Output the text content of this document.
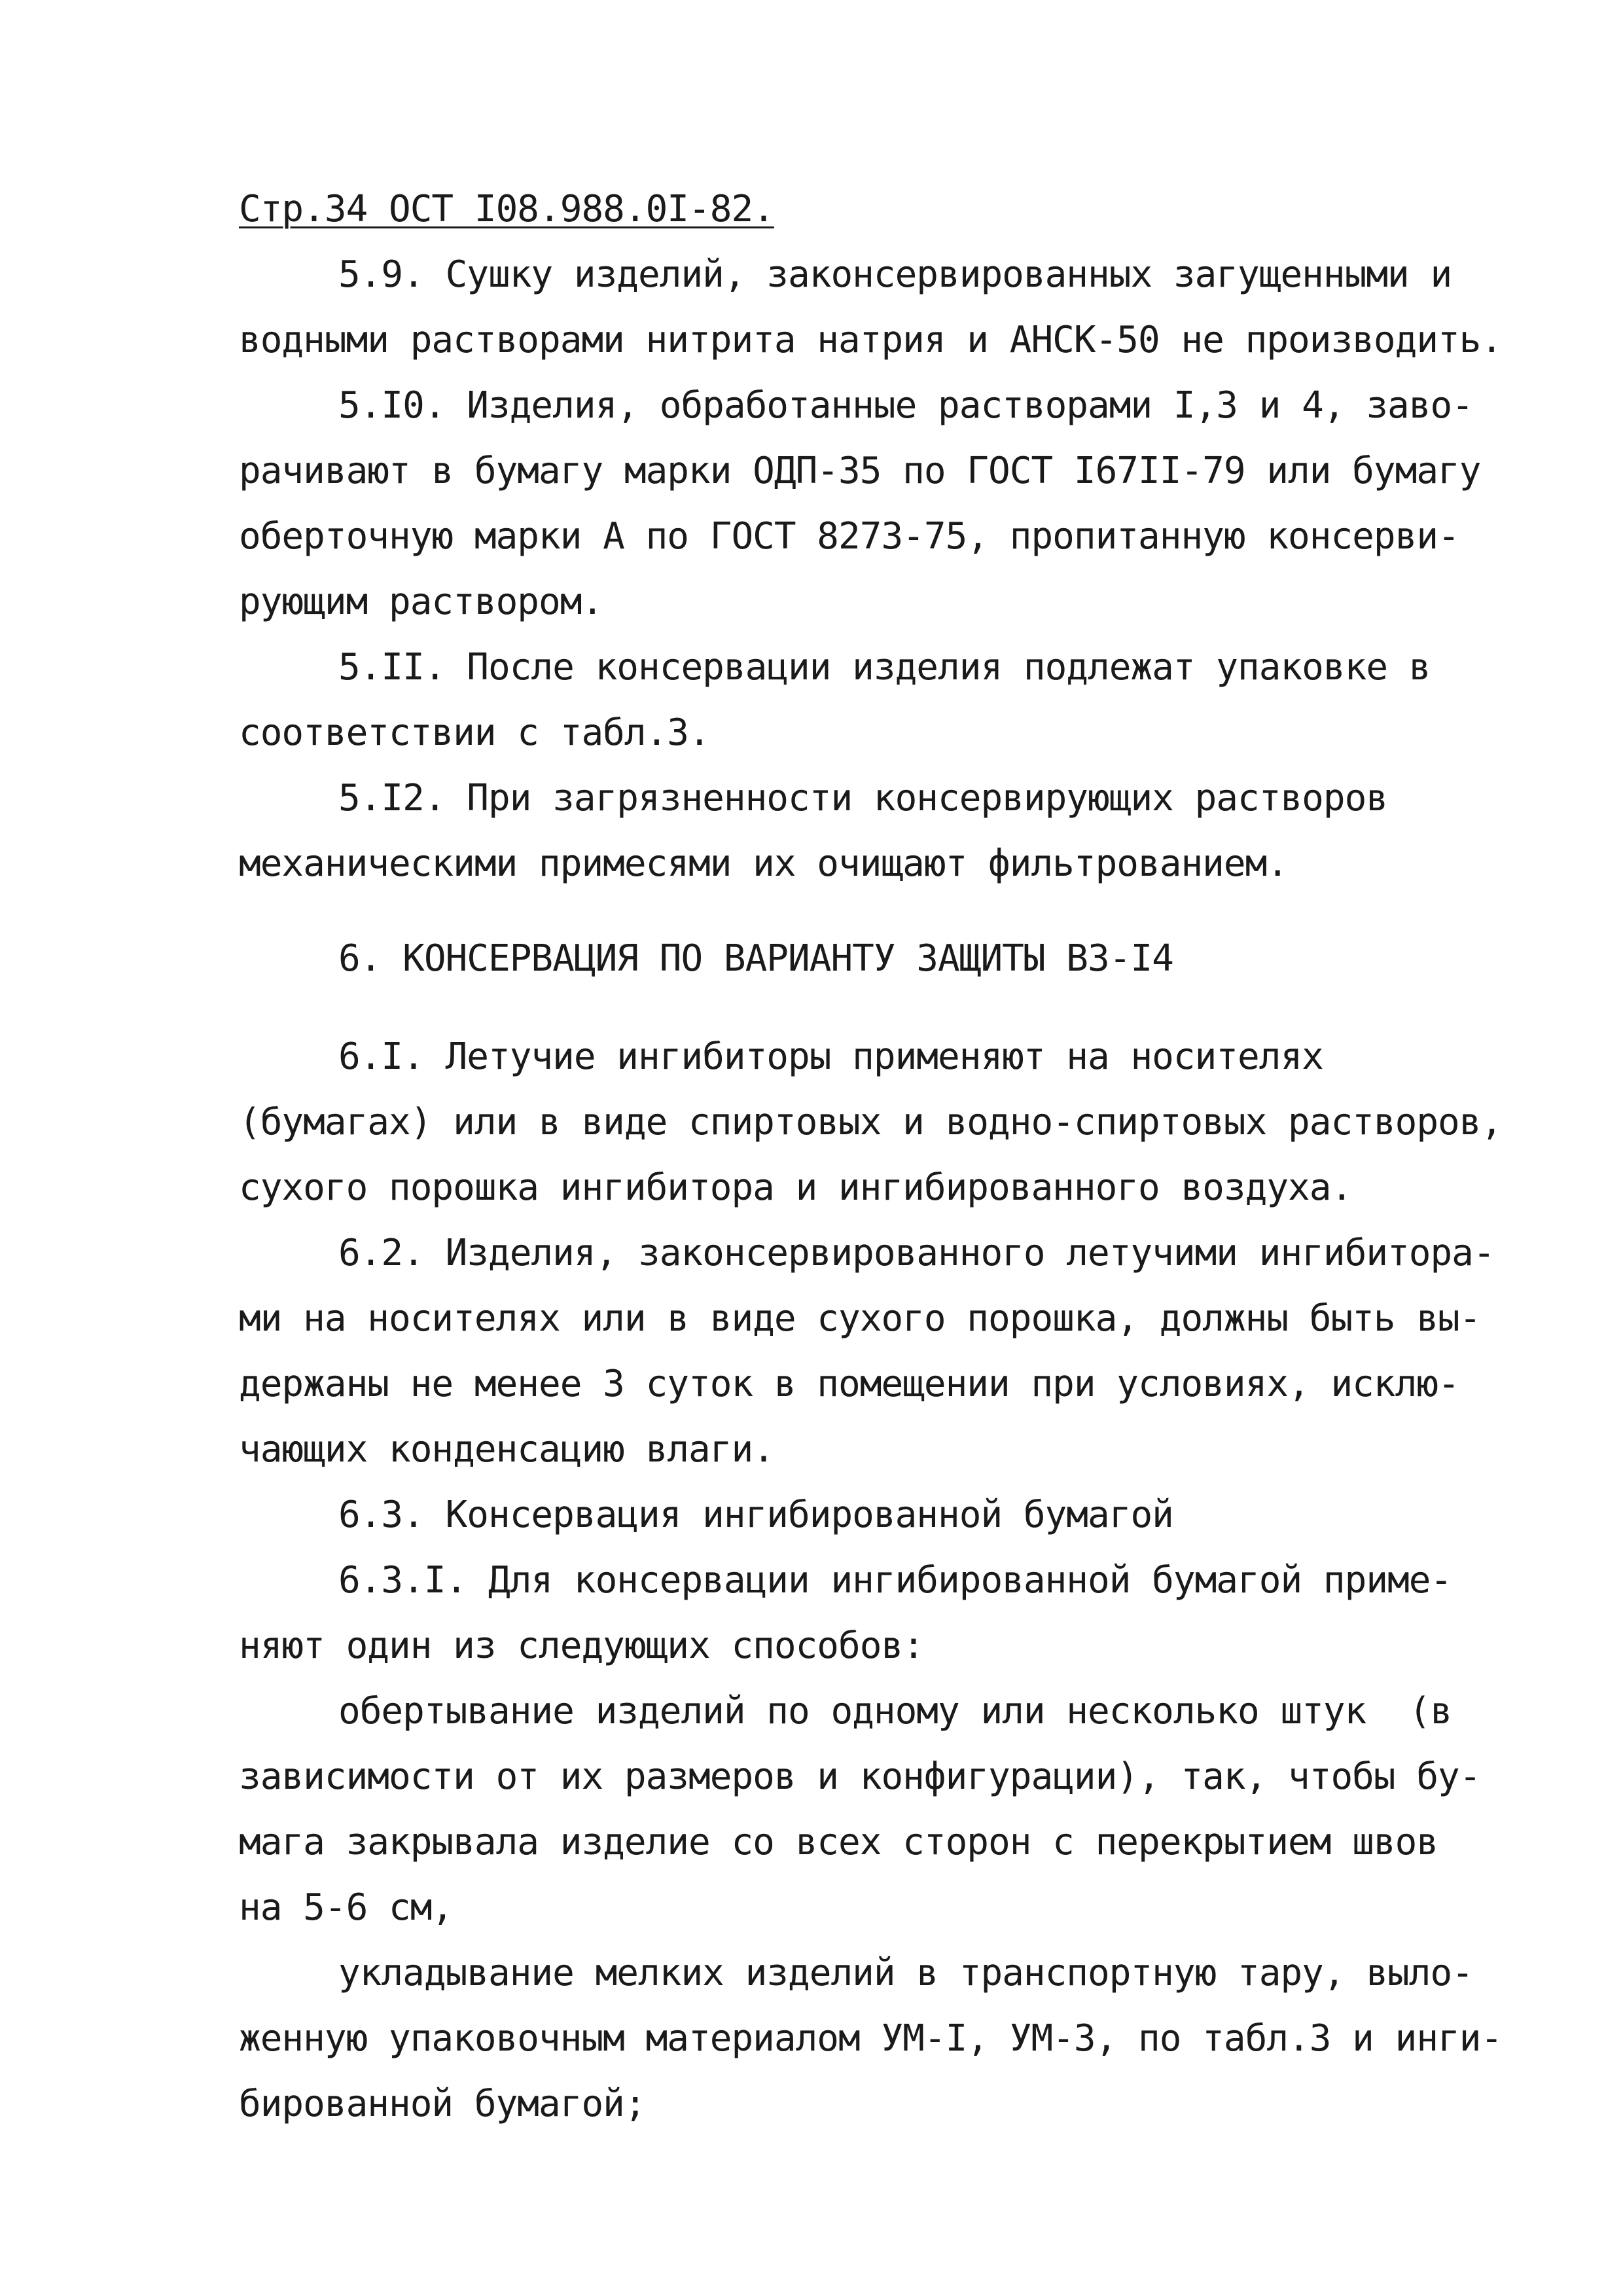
Стр.34 ОСТ I08.988.0I-82.
5.9. Сушку изделий, законсервированных загущенными и
водными растворами нитрита натрия и АНСК-50 не производить.
5.I0. Изделия, обработанные растворами I,3 и 4, заво-
рачивают в бумагу марки ОДП-35 по ГОСТ I67II-79 или бумагу
оберточную марки А по ГОСТ 8273-75, пропитанную консерви-
рующим раствором.
5.II. После консервации изделия подлежат упаковке в
соответствии с табл.3.
5.I2. При загрязненности консервирующих растворов
механическими примесями их очищают фильтрованием.
6. КОНСЕРВАЦИЯ ПО ВАРИАНТУ ЗАЩИТЫ ВЗ-I4
6.I. Летучие ингибиторы применяют на носителях
(бумагах) или в виде спиртовых и водно-спиртовых растворов,
сухого порошка ингибитора и ингибированного воздуха.
6.2. Изделия, законсервированного летучими ингибитора-
ми на носителях или в виде сухого порошка, должны быть вы-
держаны не менее 3 суток в помещении при условиях, исклю-
чающих конденсацию влаги.
6.3. Консервация ингибированной бумагой
6.3.I. Для консервации ингибированной бумагой приме-
няют один из следующих способов:
обертывание изделий по одному или несколько штук  (в
зависимости от их размеров и конфигурации), так, чтобы бу-
мага закрывала изделие со всех сторон с перекрытием швов
на 5-6 см,
укладывание мелких изделий в транспортную тару, выло-
женную упаковочным материалом УМ-I, УМ-3, по табл.3 и инги-
бированной бумагой;
